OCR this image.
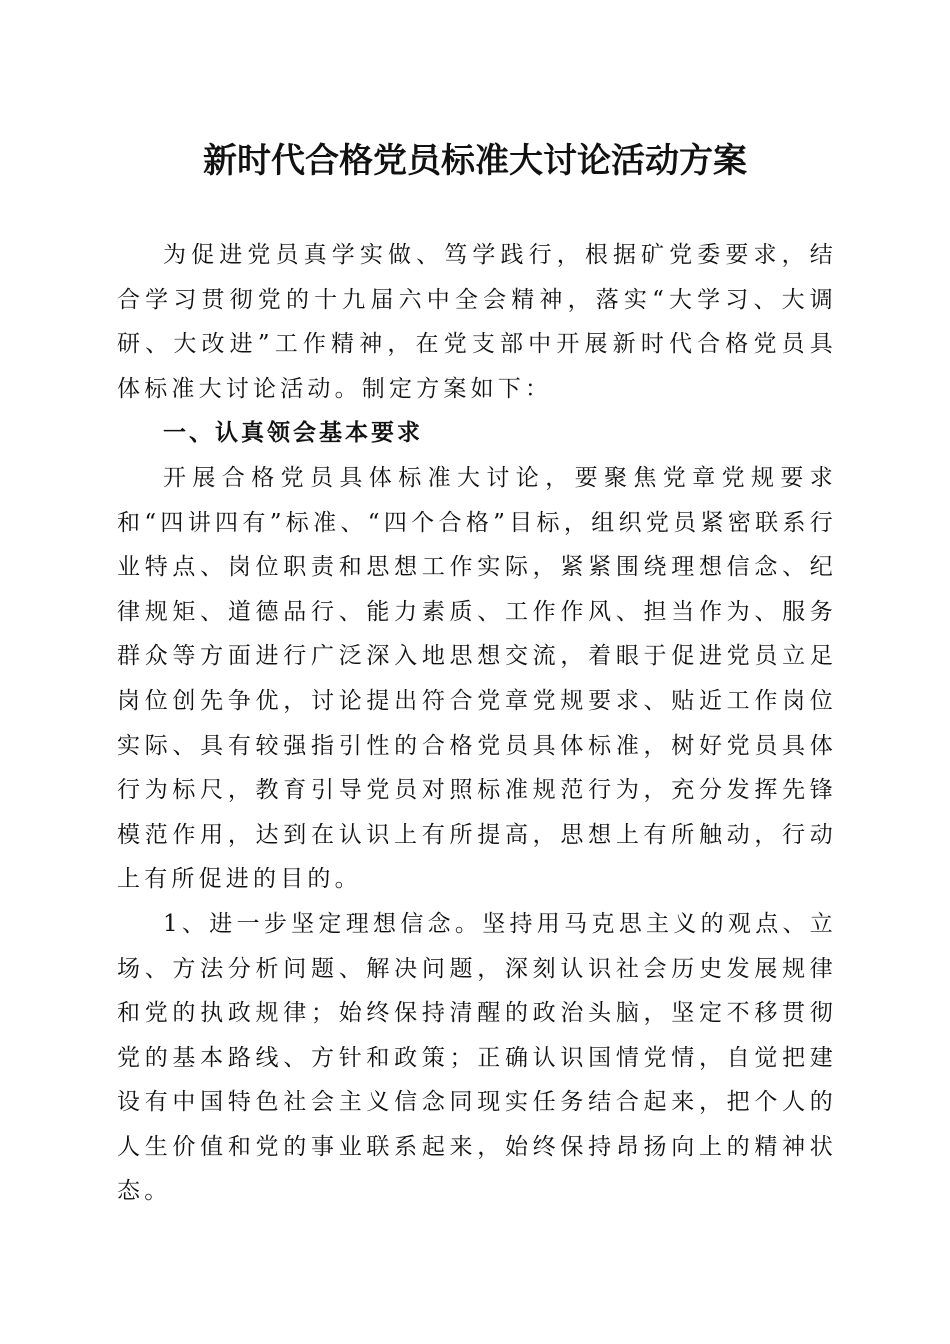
新时代合格党员标准大讨论活动方案

为促进党员真学实做、笃学践行，根据矿党委要求，结合学习贯彻党的十九届六中全会精神，落实“大学习、大调研、大改进”工作精神，在党支部中开展新时代合格党员具体标准大讨论活动。制定方案如下：

一、认真领会基本要求

开展合格党员具体标准大讨论，要聚焦党章党规要求和“四讲四有”标准、“四个合格”目标，组织党员紧密联系行业特点、岗位职责和思想工作实际，紧紧围绕理想信念、纪律规矩、道德品行、能力素质、工作作风、担当作为、服务群众等方面进行广泛深入地思想交流，着眼于促进党员立足岗位创先争优，讨论提出符合党章党规要求、贴近工作岗位实际、具有较强指引性的合格党员具体标准，树好党员具体行为标尺，教育引导党员对照标准规范行为，充分发挥先锋模范作用，达到在认识上有所提高，思想上有所触动，行动上有所促进的目的。

1、进一步坚定理想信念。坚持用马克思主义的观点、立场、方法分析问题、解决问题，深刻认识社会历史发展规律和党的执政规律；始终保持清醒的政治头脑，坚定不移贯彻党的基本路线、方针和政策；正确认识国情党情，自觉把建设有中国特色社会主义信念同现实任务结合起来，把个人的人生价值和党的事业联系起来，始终保持昂扬向上的精神状态。
